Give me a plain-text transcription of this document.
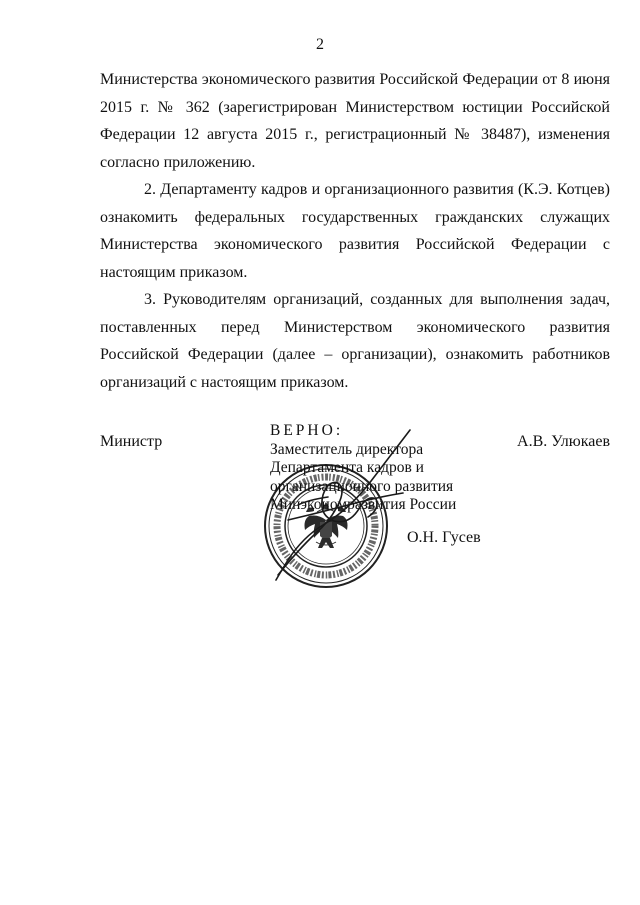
2

Министерства экономического развития Российской Федерации от 8 июня 2015 г. № 362 (зарегистрирован Министерством юстиции Российской Федерации 12 августа 2015 г., регистрационный № 38487), изменения согласно приложению.

2. Департаменту кадров и организационного развития (К.Э. Котцев) ознакомить федеральных государственных гражданских служащих Министерства экономического развития Российской Федерации с настоящим приказом.

3. Руководителям организаций, созданных для выполнения задач, поставленных перед Министерством экономического развития Российской Федерации (далее – организации), ознакомить работников организаций с настоящим приказом.

Министр	А.В. Улюкаев
ВЕРНО:
Заместитель директора
Департамента кадров и
организационного развития
Минэкономразвития России
О.Н. Гусев
